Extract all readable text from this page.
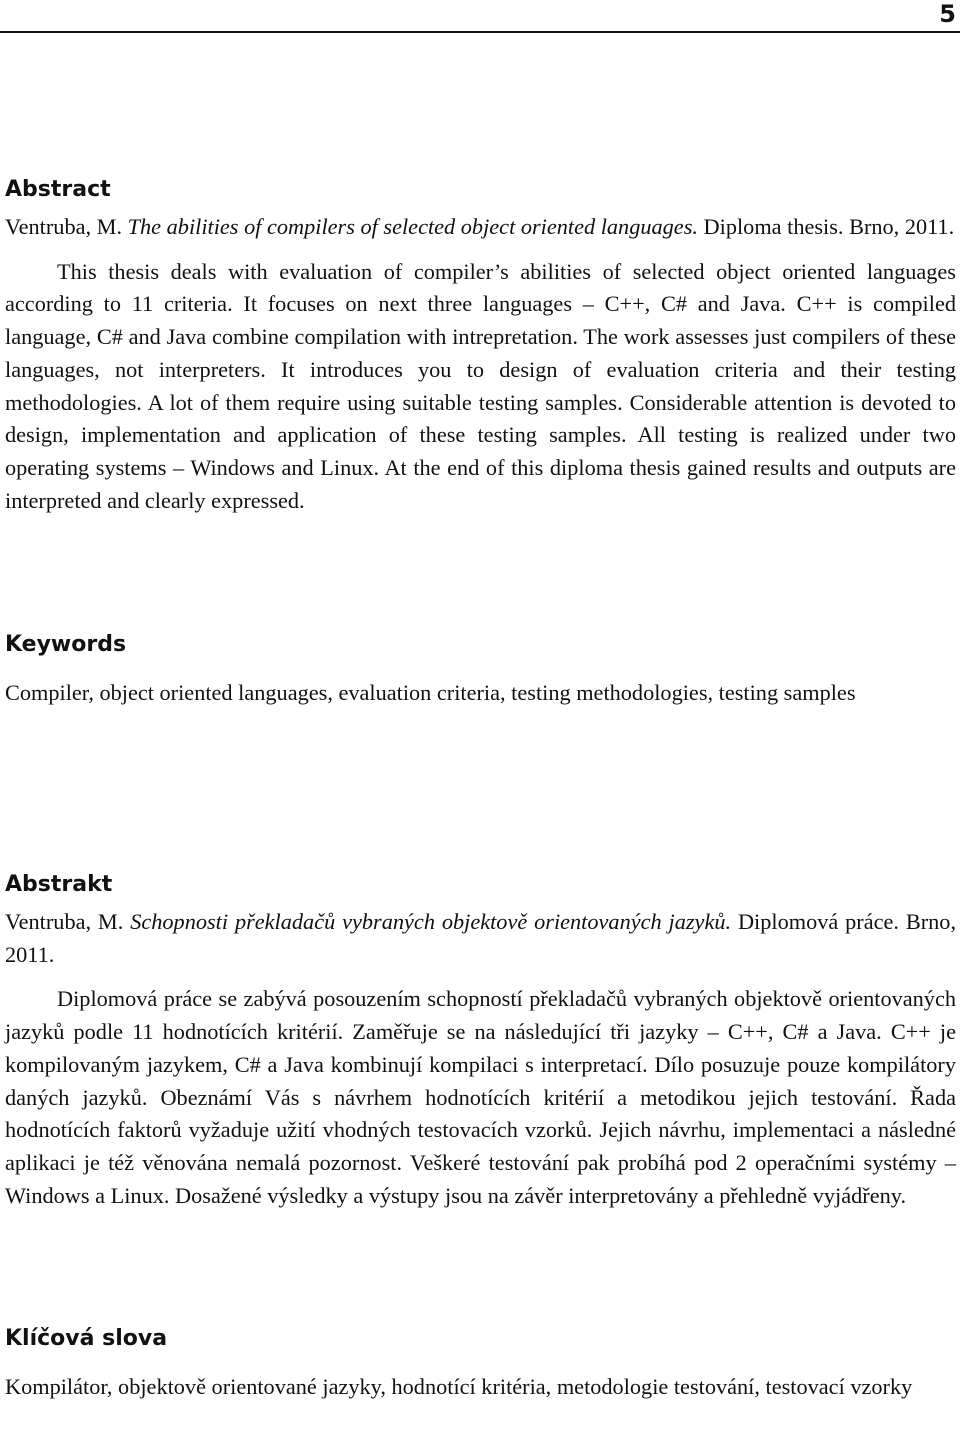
5
Abstract

Ventruba, M. The abilities of compilers of selected object oriented languages. Diploma thesis. Brno, 2011.

This thesis deals with evaluation of compiler’s abilities of selected object oriented languages according to 11 criteria. It focuses on next three languages – C++, C# and Java. C++ is compiled language, C# and Java combine compilation with intrepretation. The work assesses just compilers of these languages, not interpreters. It introduces you to design of evaluation criteria and their testing methodologies. A lot of them require using suitable testing samples. Considerable attention is devoted to design, implementation and application of these testing samples. All testing is realized under two operating systems – Windows and Linux. At the end of this diploma thesis gained results and outputs are interpreted and clearly expressed.

Keywords

Compiler, object oriented languages, evaluation criteria, testing methodologies, testing samples

Abstrakt

Ventruba, M. Schopnosti překladačů vybraných objektově orientovaných jazyků. Diplomová práce. Brno, 2011.

Diplomová práce se zabývá posouzením schopností překladačů vybraných objektově orientovaných jazyků podle 11 hodnotících kritérií. Zaměřuje se na následující tři jazyky – C++, C# a Java. C++ je kompilovaným jazykem, C# a Java kombinují kompilaci s interpretací. Dílo posuzuje pouze kompilátory daných jazyků. Obeznámí Vás s návrhem hodnotících kritérií a metodikou jejich testování. Řada hodnotících faktorů vyžaduje užití vhodných testovacích vzorků. Jejich návrhu, implementaci a následné aplikaci je též věnována nemalá pozornost. Veškeré testování pak probíhá pod 2 operačními systémy – Windows a Linux. Dosažené výsledky a výstupy jsou na závěr interpretovány a přehledně vyjádřeny.

Klíčová slova

Kompilátor, objektově orientované jazyky, hodnotící kritéria, metodologie testování, testovací vzorky
